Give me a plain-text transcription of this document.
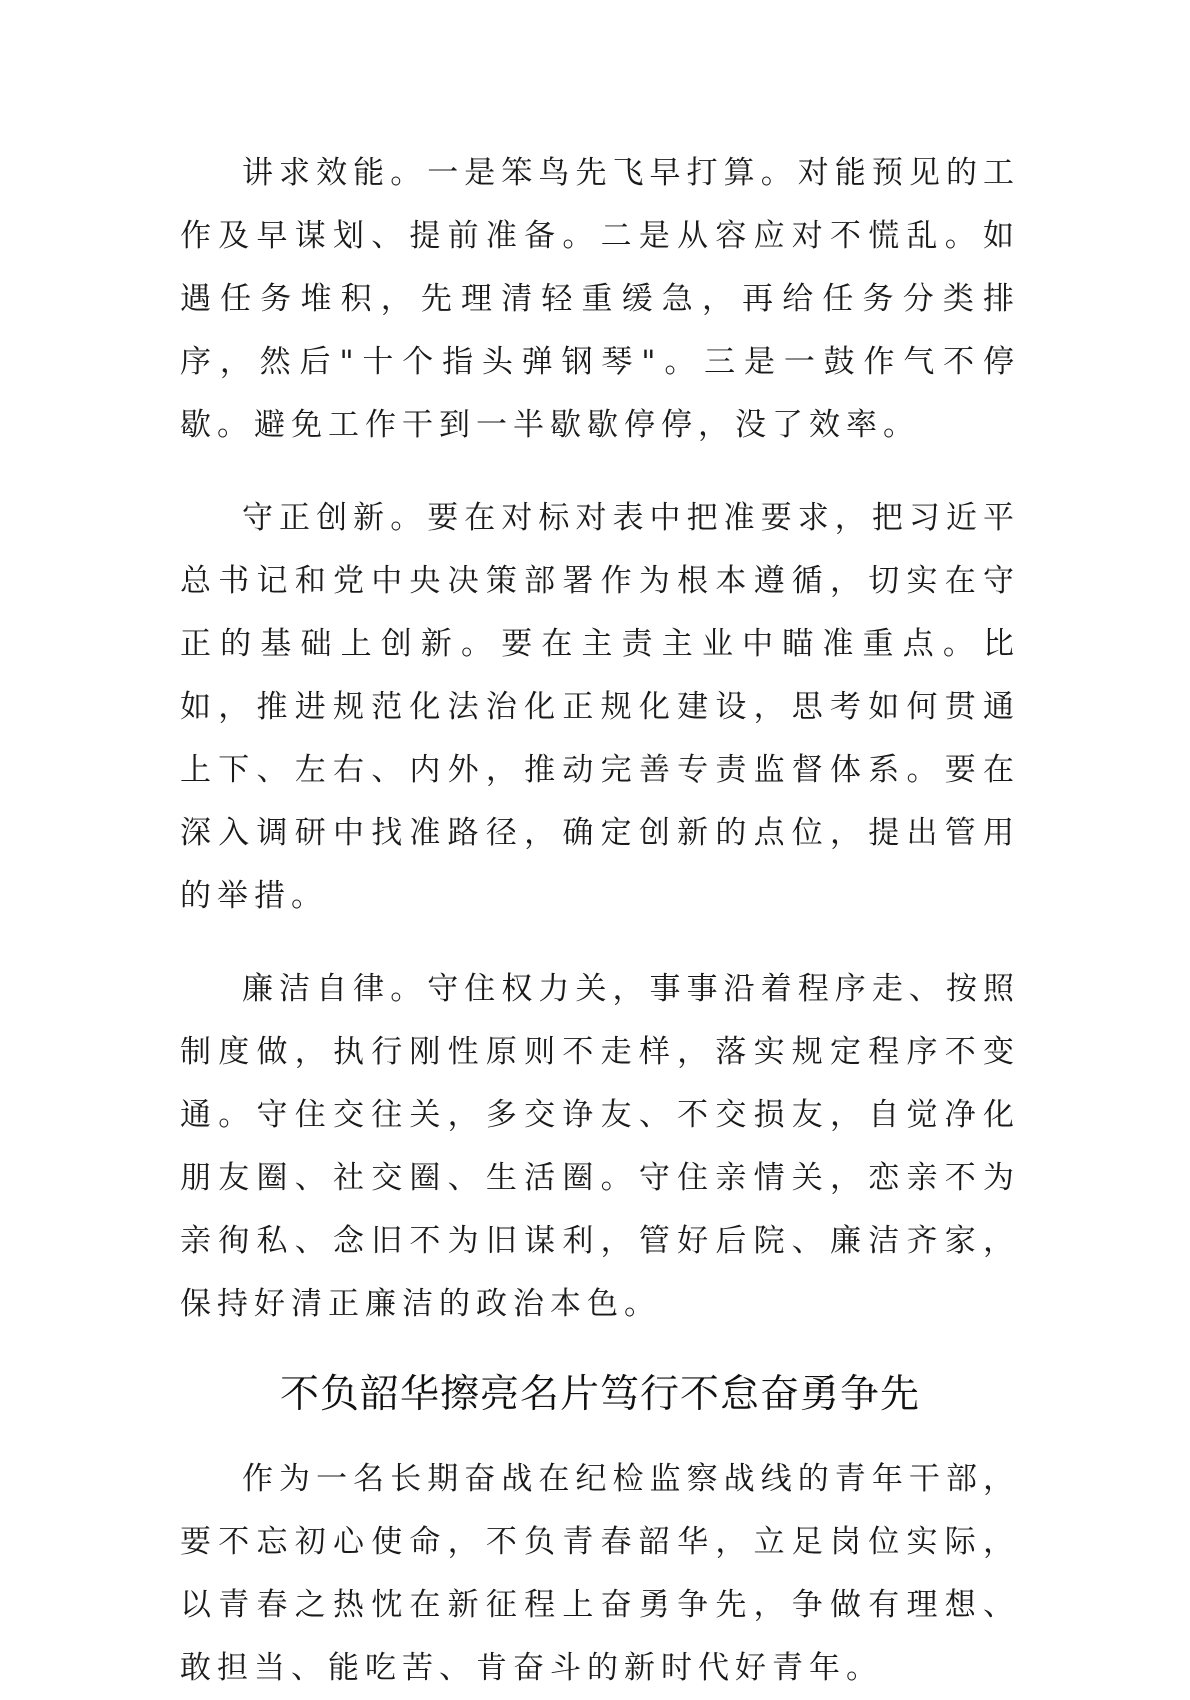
讲求效能。一是笨鸟先飞早打算。对能预见的工作及早谋划、提前准备。二是从容应对不慌乱。如遇任务堆积，先理清轻重缓急，再给任务分类排序，然后"十个指头弹钢琴"。三是一鼓作气不停歇。避免工作干到一半歇歇停停，没了效率。

守正创新。要在对标对表中把准要求，把习近平总书记和党中央决策部署作为根本遵循，切实在守正的基础上创新。要在主责主业中瞄准重点。比如，推进规范化法治化正规化建设，思考如何贯通上下、左右、内外，推动完善专责监督体系。要在深入调研中找准路径，确定创新的点位，提出管用的举措。

廉洁自律。守住权力关，事事沿着程序走、按照制度做，执行刚性原则不走样，落实规定程序不变通。守住交往关，多交诤友、不交损友，自觉净化朋友圈、社交圈、生活圈。守住亲情关，恋亲不为亲徇私、念旧不为旧谋利，管好后院、廉洁齐家，保持好清正廉洁的政治本色。

不负韶华擦亮名片笃行不怠奋勇争先

作为一名长期奋战在纪检监察战线的青年干部，要不忘初心使命，不负青春韶华，立足岗位实际，以青春之热忱在新征程上奋勇争先，争做有理想、敢担当、能吃苦、肯奋斗的新时代好青年。
